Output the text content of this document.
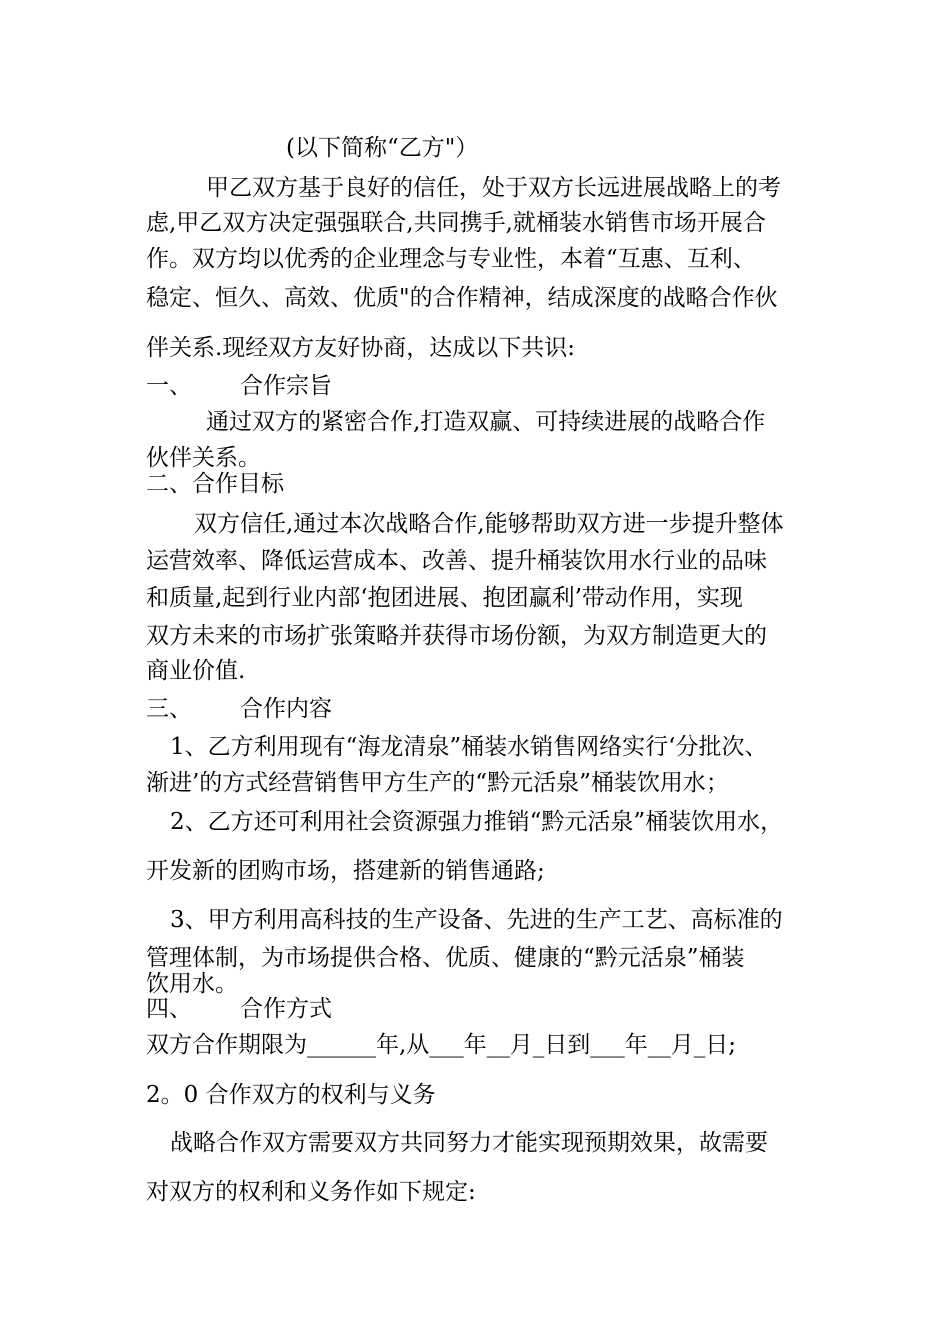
(以下简称“乙方"）
甲乙双方基于良好的信任，处于双方长远进展战略上的考
虑,甲乙双方决定强强联合,共同携手,就桶装水销售市场开展合
作。双方均以优秀的企业理念与专业性，本着“互惠、互利、
稳定、恒久、高效、优质"的合作精神，结成深度的战略合作伙
伴关系.现经双方友好协商，达成以下共识:
一、 合作宗旨
通过双方的紧密合作,打造双赢、可持续进展的战略合作
伙伴关系。
二、合作目标
双方信任,通过本次战略合作,能够帮助双方进一步提升整体
运营效率、降低运营成本、改善、提升桶装饮用水行业的品味
和质量,起到行业内部‘抱团进展、抱团赢利’带动作用，实现
双方未来的市场扩张策略并获得市场份额，为双方制造更大的
商业价值.
三、 合作内容
1、乙方利用现有“海龙清泉”桶装水销售网络实行‘分批次、
渐进’的方式经营销售甲方生产的“黔元活泉”桶装饮用水；
2、乙方还可利用社会资源强力推销“黔元活泉”桶装饮用水，
开发新的团购市场，搭建新的销售通路;
3、甲方利用高科技的生产设备、先进的生产工艺、高标准的
管理体制，为市场提供合格、优质、健康的“黔元活泉”桶装
饮用水。
四、 合作方式
双方合作期限为______年,从___年__月_日到___年__月_日;
2。0 合作双方的权利与义务
战略合作双方需要双方共同努力才能实现预期效果，故需要
对双方的权利和义务作如下规定:
